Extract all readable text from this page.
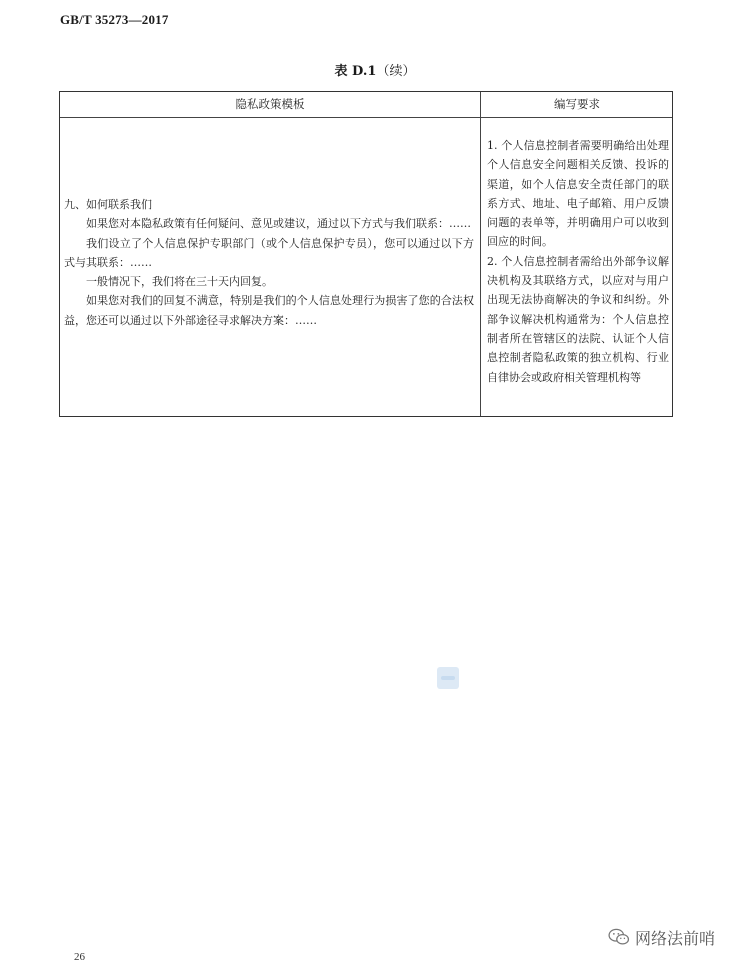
GB/T 35273—2017
表 D.1（续）
隐私政策模板	编写要求

九、如何联系我们

如果您对本隐私政策有任何疑问、意见或建议，通过以下方式与我们联系：……

我们设立了个人信息保护专职部门（或个人信息保护专员），您可以通过以下方式与其联系：……

一般情况下，我们将在三十天内回复。

如果您对我们的回复不满意，特别是我们的个人信息处理行为损害了您的合法权益，您还可以通过以下外部途径寻求解决方案：……

1. 个人信息控制者需要明确给出处理个人信息安全问题相关反馈、投诉的渠道，如个人信息安全责任部门的联系方式、地址、电子邮箱、用户反馈问题的表单等，并明确用户可以收到回应的时间。

2. 个人信息控制者需给出外部争议解决机构及其联络方式，以应对与用户出现无法协商解决的争议和纠纷。外部争议解决机构通常为：个人信息控制者所在管辖区的法院、认证个人信息控制者隐私政策的独立机构、行业自律协会或政府相关管理机构等

26
网络法前哨
